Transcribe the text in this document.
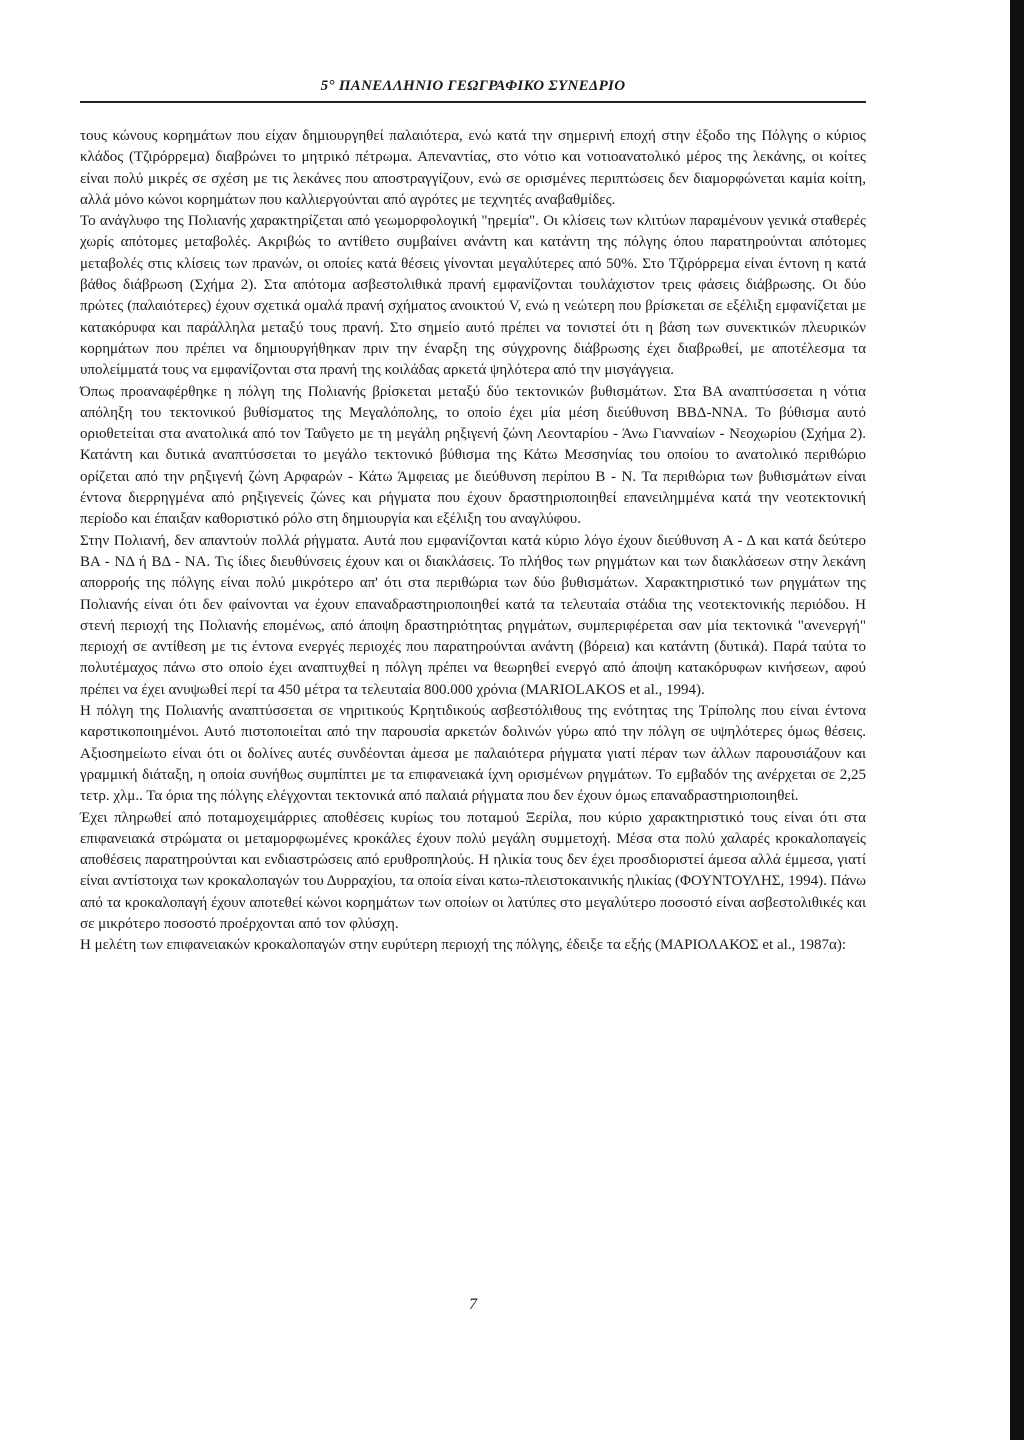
5° ΠΑΝΕΛΛΗΝΙΟ ΓΕΩΓΡΑΦΙΚΟ ΣΥΝΕΔΡΙΟ

τους κώνους κορημάτων που είχαν δημιουργηθεί παλαιότερα, ενώ κατά την σημερινή εποχή στην έξοδο της Πόλγης ο κύριος κλάδος (Τζιρόρρεμα) διαβρώνει το μητρικό πέτρωμα. Απεναντίας, στο νότιο και νοτιοανατολικό μέρος της λεκάνης, οι κοίτες είναι πολύ μικρές σε σχέση με τις λεκάνες που αποστραγγίζουν, ενώ σε ορισμένες περιπτώσεις δεν διαμορφώνεται καμία κοίτη, αλλά μόνο κώνοι κορημάτων που καλλιεργούνται από αγρότες με τεχνητές αναβαθμίδες.

Το ανάγλυφο της Πολιανής χαρακτηρίζεται από γεωμορφολογική "ηρεμία". Οι κλίσεις των κλιτύων παραμένουν γενικά σταθερές χωρίς απότομες μεταβολές. Ακριβώς το αντίθετο συμβαίνει ανάντη και κατάντη της πόλγης όπου παρατηρούνται απότομες μεταβολές στις κλίσεις των πρανών, οι οποίες κατά θέσεις γίνονται μεγαλύτερες από 50%. Στο Τζιρόρρεμα είναι έντονη η κατά βάθος διάβρωση (Σχήμα 2). Στα απότομα ασβεστολιθικά πρανή εμφανίζονται τουλάχιστον τρεις φάσεις διάβρωσης. Οι δύο πρώτες (παλαιότερες) έχουν σχετικά ομαλά πρανή σχήματος ανοικτού V, ενώ η νεώτερη που βρίσκεται σε εξέλιξη εμφανίζεται με κατακόρυφα και παράλληλα μεταξύ τους πρανή. Στο σημείο αυτό πρέπει να τονιστεί ότι η βάση των συνεκτικών πλευρικών κορημάτων που πρέπει να δημιουργήθηκαν πριν την έναρξη της σύγχρονης διάβρωσης έχει διαβρωθεί, με αποτέλεσμα τα υπολείμματά τους να εμφανίζονται στα πρανή της κοιλάδας αρκετά ψηλότερα από την μισγάγγεια.

Όπως προαναφέρθηκε η πόλγη της Πολιανής βρίσκεται μεταξύ δύο τεκτονικών βυθισμάτων. Στα ΒΑ αναπτύσσεται η νότια απόληξη του τεκτονικού βυθίσματος της Μεγαλόπολης, το οποίο έχει μία μέση διεύθυνση ΒΒΔ-ΝΝΑ. Το βύθισμα αυτό οριοθετείται στα ανατολικά από τον Ταΰγετο με τη μεγάλη ρηξιγενή ζώνη Λεονταρίου - Άνω Γιανναίων - Νεοχωρίου (Σχήμα 2). Κατάντη και δυτικά αναπτύσσεται το μεγάλο τεκτονικό βύθισμα της Κάτω Μεσσηνίας του οποίου το ανατολικό περιθώριο ορίζεται από την ρηξιγενή ζώνη Αρφαρών - Κάτω Άμφειας με διεύθυνση περίπου Β - Ν. Τα περιθώρια των βυθισμάτων είναι έντονα διερρηγμένα από ρηξιγενείς ζώνες και ρήγματα που έχουν δραστηριοποιηθεί επανειλημμένα κατά την νεοτεκτονική περίοδο και έπαιξαν καθοριστικό ρόλο στη δημιουργία και εξέλιξη του αναγλύφου.

Στην Πολιανή, δεν απαντούν πολλά ρήγματα. Αυτά που εμφανίζονται κατά κύριο λόγο έχουν διεύθυνση Α - Δ και κατά δεύτερο ΒΑ - ΝΔ ή ΒΔ - ΝΑ. Τις ίδιες διευθύνσεις έχουν και οι διακλάσεις. Το πλήθος των ρηγμάτων και των διακλάσεων στην λεκάνη απορροής της πόλγης είναι πολύ μικρότερο απ' ότι στα περιθώρια των δύο βυθισμάτων. Χαρακτηριστικό των ρηγμάτων της Πολιανής είναι ότι δεν φαίνονται να έχουν επαναδραστηριοποιηθεί κατά τα τελευταία στάδια της νεοτεκτονικής περιόδου. Η στενή περιοχή της Πολιανής επομένως, από άποψη δραστηριότητας ρηγμάτων, συμπεριφέρεται σαν μία τεκτονικά "ανενεργή" περιοχή σε αντίθεση με τις έντονα ενεργές περιοχές που παρατηρούνται ανάντη (βόρεια) και κατάντη (δυτικά). Παρά ταύτα το πολυτέμαχος πάνω στο οποίο έχει αναπτυχθεί η πόλγη πρέπει να θεωρηθεί ενεργό από άποψη κατακόρυφων κινήσεων, αφού πρέπει να έχει ανυψωθεί περί τα 450 μέτρα τα τελευταία 800.000 χρόνια (MARIOLAKOS et al., 1994).

Η πόλγη της Πολιανής αναπτύσσεται σε νηριτικούς Κρητιδικούς ασβεστόλιθους της ενότητας της Τρίπολης που είναι έντονα καρστικοποιημένοι. Αυτό πιστοποιείται από την παρουσία αρκετών δολινών γύρω από την πόλγη σε υψηλότερες όμως θέσεις. Αξιοσημείωτο είναι ότι οι δολίνες αυτές συνδέονται άμεσα με παλαιότερα ρήγματα γιατί πέραν των άλλων παρουσιάζουν και γραμμική διάταξη, η οποία συνήθως συμπίπτει με τα επιφανειακά ίχνη ορισμένων ρηγμάτων. Το εμβαδόν της ανέρχεται σε 2,25 τετρ. χλμ.. Τα όρια της πόλγης ελέγχονται τεκτονικά από παλαιά ρήγματα που δεν έχουν όμως επαναδραστηριοποιηθεί.

Έχει πληρωθεί από ποταμοχειμάρριες αποθέσεις κυρίως του ποταμού Ξερίλα, που κύριο χαρακτηριστικό τους είναι ότι στα επιφανειακά στρώματα οι μεταμορφωμένες κροκάλες έχουν πολύ μεγάλη συμμετοχή. Μέσα στα πολύ χαλαρές κροκαλοπαγείς αποθέσεις παρατηρούνται και ενδιαστρώσεις από ερυθροπηλούς. Η ηλικία τους δεν έχει προσδιοριστεί άμεσα αλλά έμμεσα, γιατί είναι αντίστοιχα των κροκαλοπαγών του Δυρραχίου, τα οποία είναι κατω-πλειστοκαινικής ηλικίας (ΦΟΥΝΤΟΥΛΗΣ, 1994). Πάνω από τα κροκαλοπαγή έχουν αποτεθεί κώνοι κορημάτων των οποίων οι λατύπες στο μεγαλύτερο ποσοστό είναι ασβεστολιθικές και σε μικρότερο ποσοστό προέρχονται από τον φλύσχη.

Η μελέτη των επιφανειακών κροκαλοπαγών στην ευρύτερη περιοχή της πόλγης, έδειξε τα εξής (ΜΑΡΙΟΛΑΚΟΣ et al., 1987α):

7
